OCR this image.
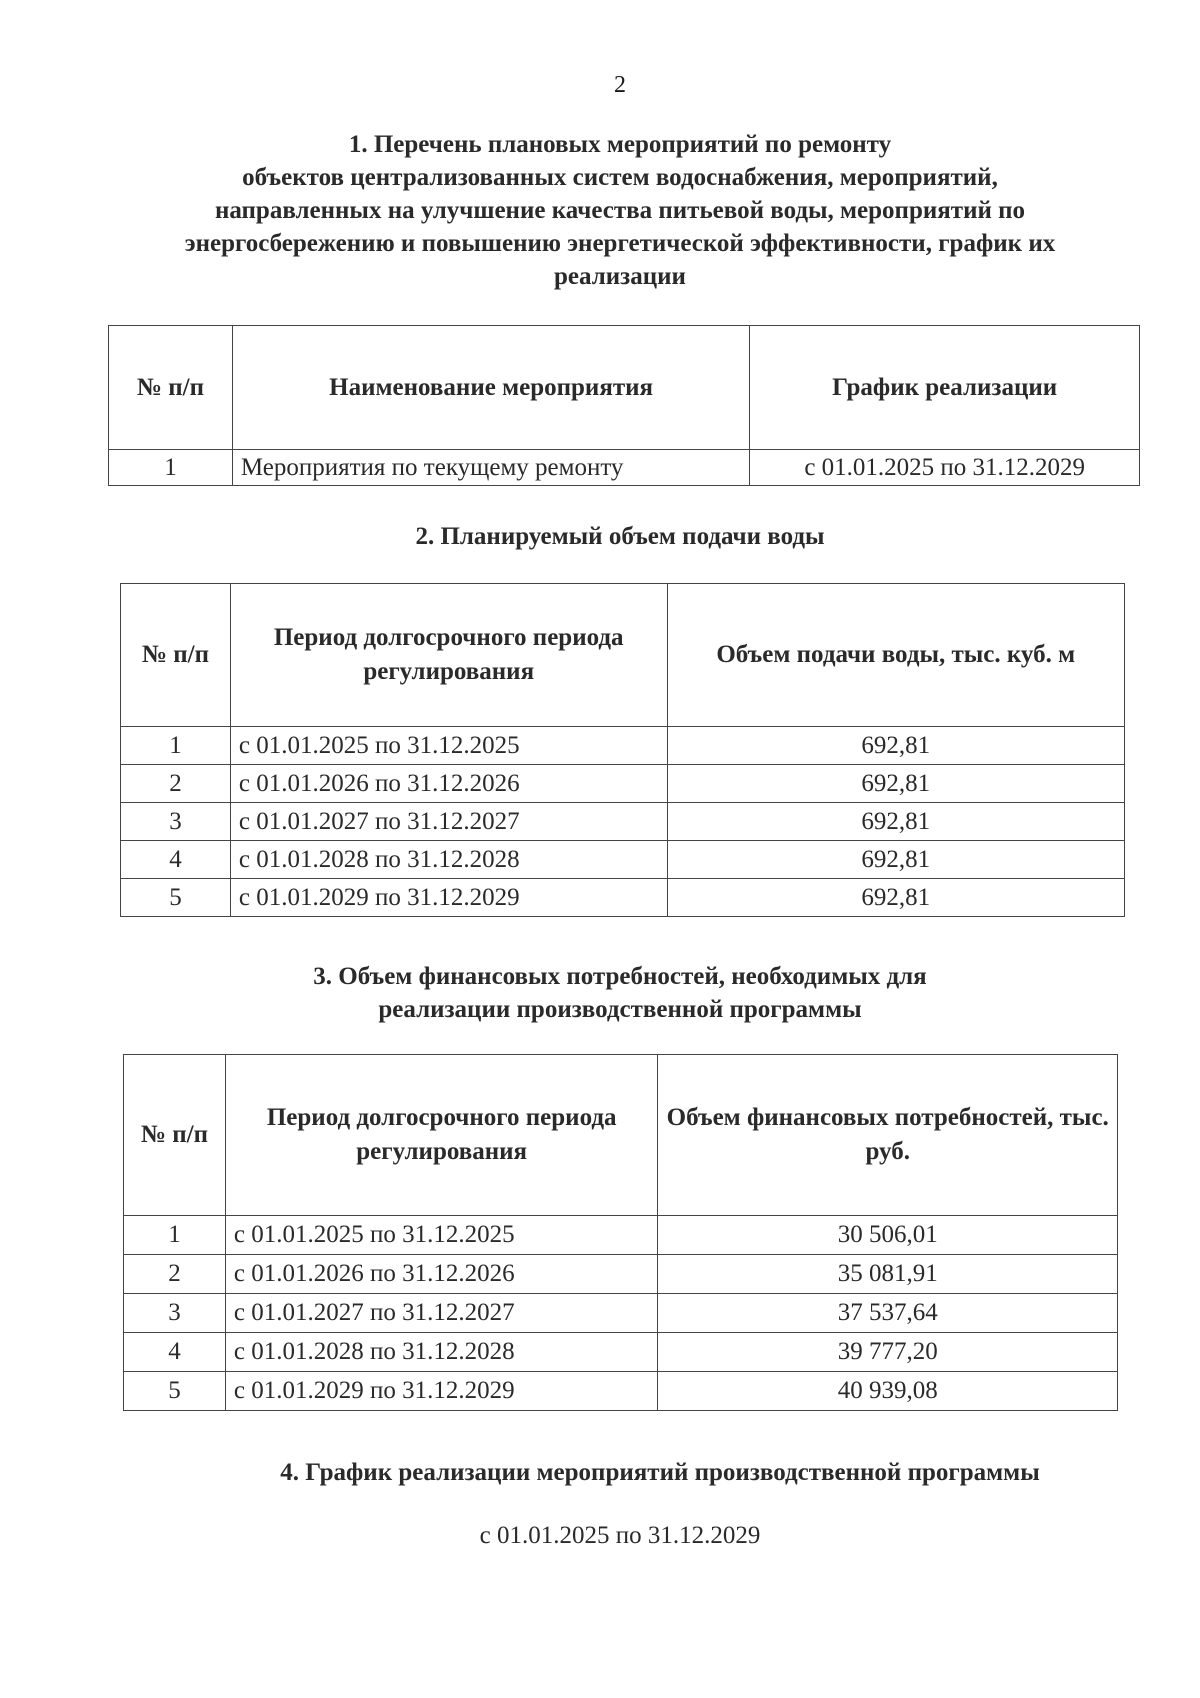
2
1. Перечень плановых мероприятий по ремонту
объектов централизованных систем водоснабжения, мероприятий,
направленных на улучшение качества питьевой воды, мероприятий по
энергосбережению и повышению энергетической эффективности, график их
реализации
№ п/п	Наименование мероприятия	График реализации
1	Мероприятия по текущему ремонту	с 01.01.2025 по 31.12.2029
2. Планируемый объем подачи воды
№ п/п	Период долгосрочного периода регулирования	Объем подачи воды, тыс. куб. м
1	с 01.01.2025 по 31.12.2025	692,81
2	с 01.01.2026 по 31.12.2026	692,81
3	с 01.01.2027 по 31.12.2027	692,81
4	с 01.01.2028 по 31.12.2028	692,81
5	с 01.01.2029 по 31.12.2029	692,81
3. Объем финансовых потребностей, необходимых для
реализации производственной программы
№ п/п	Период долгосрочного периода регулирования	Объем финансовых потребностей, тыс. руб.
1	с 01.01.2025 по 31.12.2025	30 506,01
2	с 01.01.2026 по 31.12.2026	35 081,91
3	с 01.01.2027 по 31.12.2027	37 537,64
4	с 01.01.2028 по 31.12.2028	39 777,20
5	с 01.01.2029 по 31.12.2029	40 939,08
4. График реализации мероприятий производственной программы
с 01.01.2025 по 31.12.2029
